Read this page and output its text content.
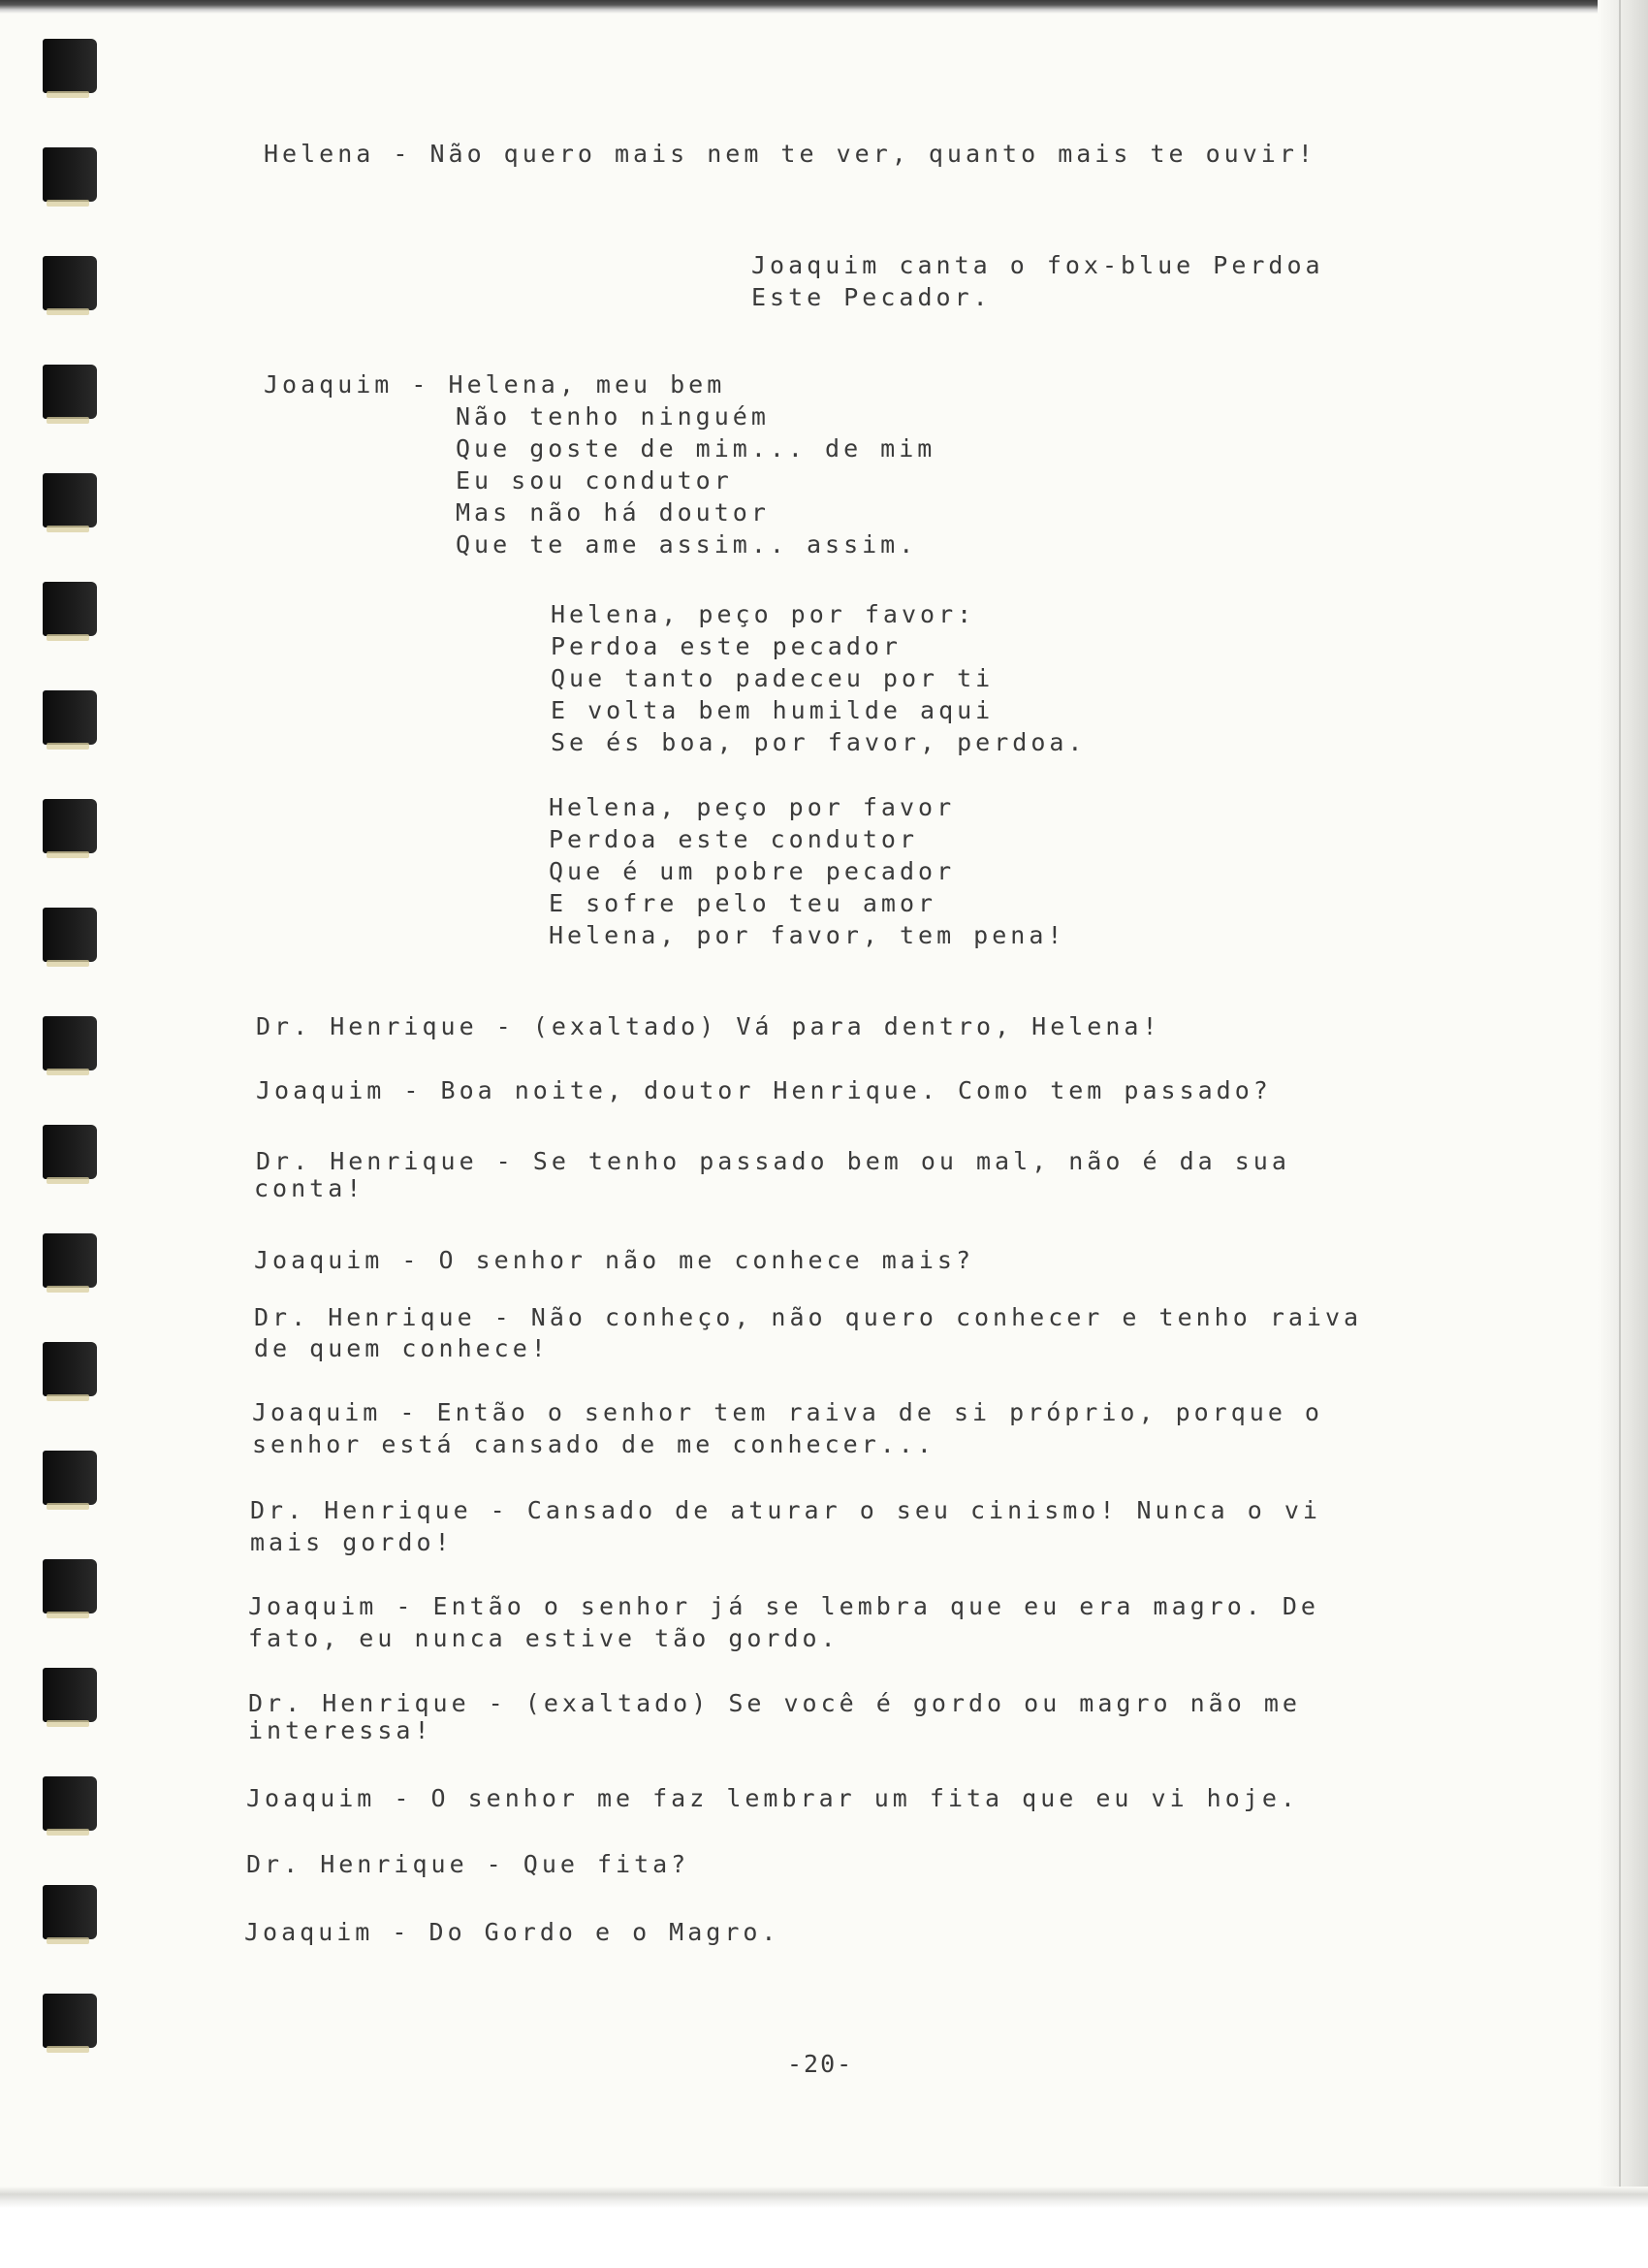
Helena - Não quero mais nem te ver, quanto mais te ouvir!

Joaquim canta o fox-blue Perdoa

Este Pecador.

Joaquim - Helena, meu bem

Não tenho ninguém

Que goste de mim... de mim

Eu sou condutor

Mas não há doutor

Que te ame assim.. assim.

Helena, peço por favor:

Perdoa este pecador

Que tanto padeceu por ti

E volta bem humilde aqui

Se és boa, por favor, perdoa.

Helena, peço por favor

Perdoa este condutor

Que é um pobre pecador

E sofre pelo teu amor

Helena, por favor, tem pena!

Dr. Henrique - (exaltado) Vá para dentro, Helena!

Joaquim - Boa noite, doutor Henrique. Como tem passado?

Dr. Henrique - Se tenho passado bem ou mal, não é da sua

conta!

Joaquim - O senhor não me conhece mais?

Dr. Henrique - Não conheço, não quero conhecer e tenho raiva

de quem conhece!

Joaquim - Então o senhor tem raiva de si próprio, porque o

senhor está cansado de me conhecer...

Dr. Henrique - Cansado de aturar o seu cinismo! Nunca o vi

mais gordo!

Joaquim - Então o senhor já se lembra que eu era magro. De

fato, eu nunca estive tão gordo.

Dr. Henrique - (exaltado) Se você é gordo ou magro não me

interessa!

Joaquim - O senhor me faz lembrar um fita que eu vi hoje.

Dr. Henrique - Que fita?

Joaquim - Do Gordo e o Magro.

-20-
